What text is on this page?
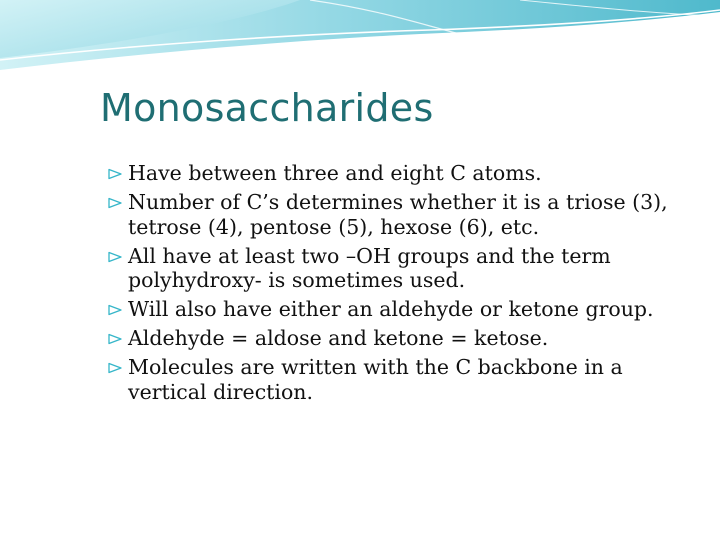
Monosaccharides
Have between three and eight C atoms.
Number of C’s determines whether it is a triose (3), tetrose (4), pentose (5), hexose (6), etc.
All have at least two –OH groups and the term polyhydroxy- is sometimes used.
Will also have either an aldehyde or ketone group.
Aldehyde = aldose and ketone = ketose.
Molecules are written with the C backbone in a vertical direction.
